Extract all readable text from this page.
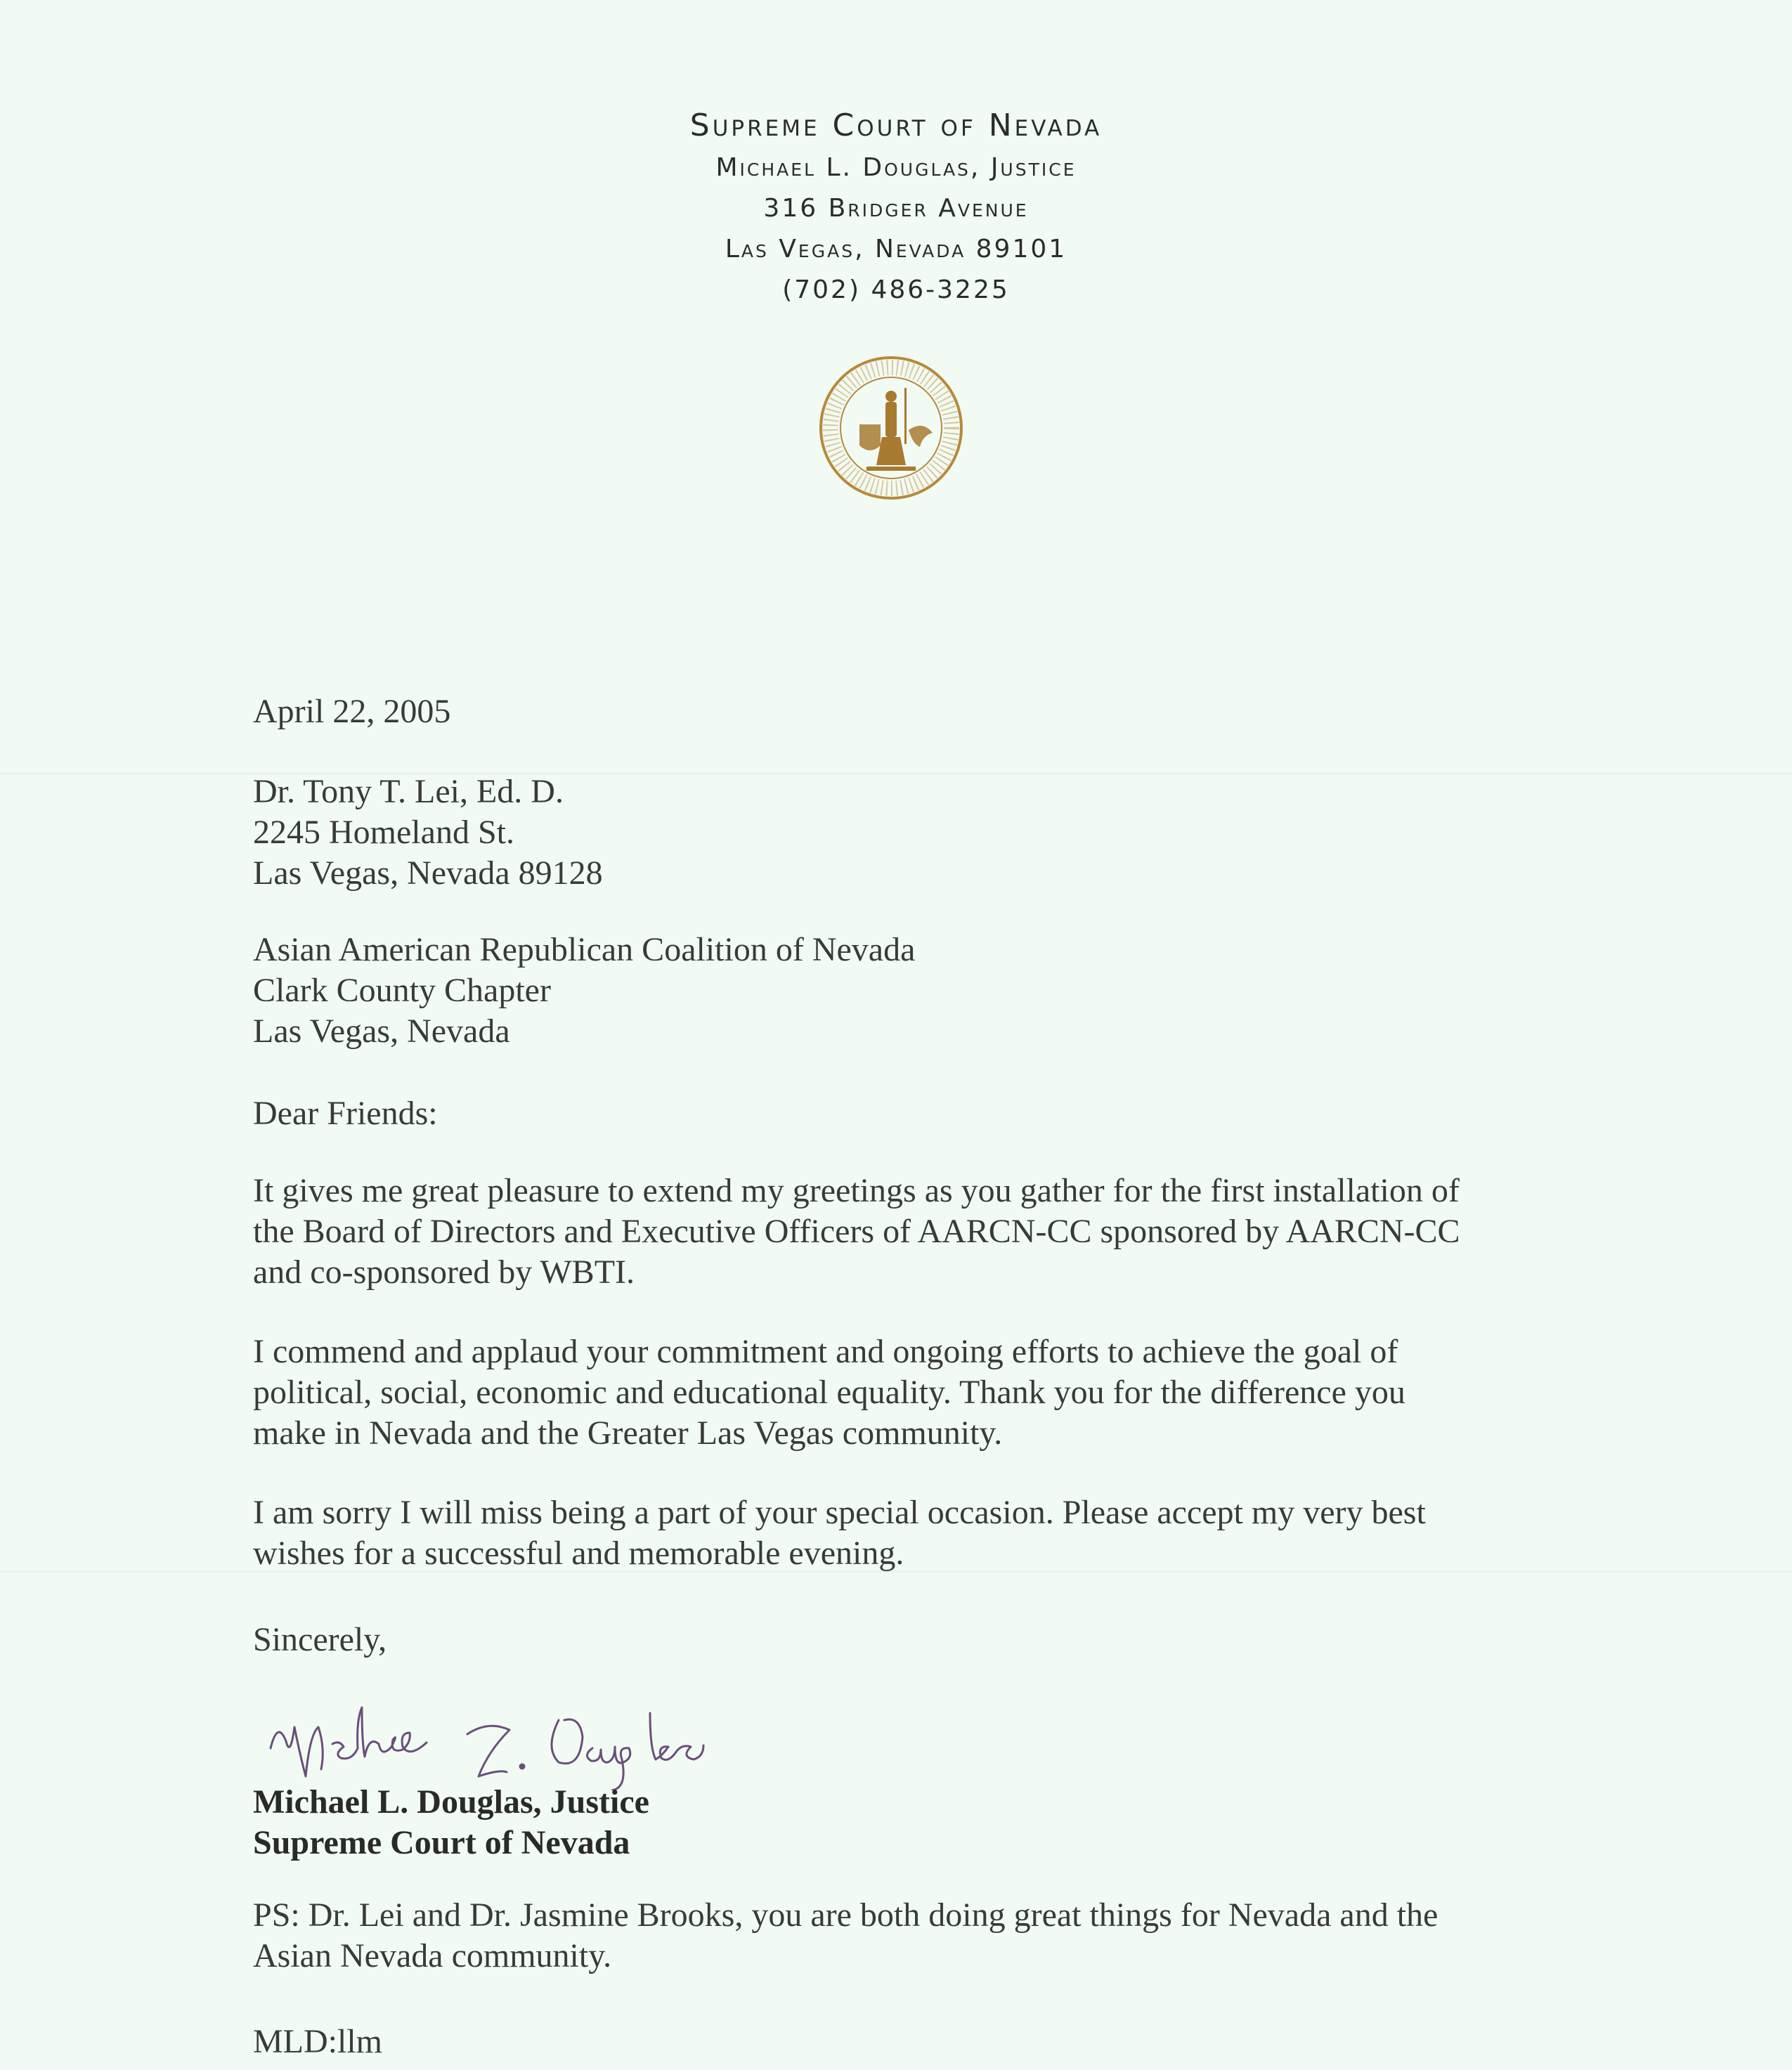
Supreme Court of Nevada
Michael L. Douglas, Justice
316 Bridger Avenue
Las Vegas, Nevada 89101
(702) 486-3225
April 22, 2005
Dr. Tony T. Lei, Ed. D.
2245 Homeland St.
Las Vegas, Nevada 89128
Asian American Republican Coalition of Nevada
Clark County Chapter
Las Vegas, Nevada
Dear Friends:
It gives me great pleasure to extend my greetings as you gather for the first installation of
the Board of Directors and Executive Officers of AARCN-CC sponsored by AARCN-CC
and co-sponsored by WBTI.
I commend and applaud your commitment and ongoing efforts to achieve the goal of
political, social, economic and educational equality. Thank you for the difference you
make in Nevada and the Greater Las Vegas community.
I am sorry I will miss being a part of your special occasion. Please accept my very best
wishes for a successful and memorable evening.
Sincerely,
Michael L. Douglas, Justice
Supreme Court of Nevada
PS: Dr. Lei and Dr. Jasmine Brooks, you are both doing great things for Nevada and the
Asian Nevada community.
MLD:llm
